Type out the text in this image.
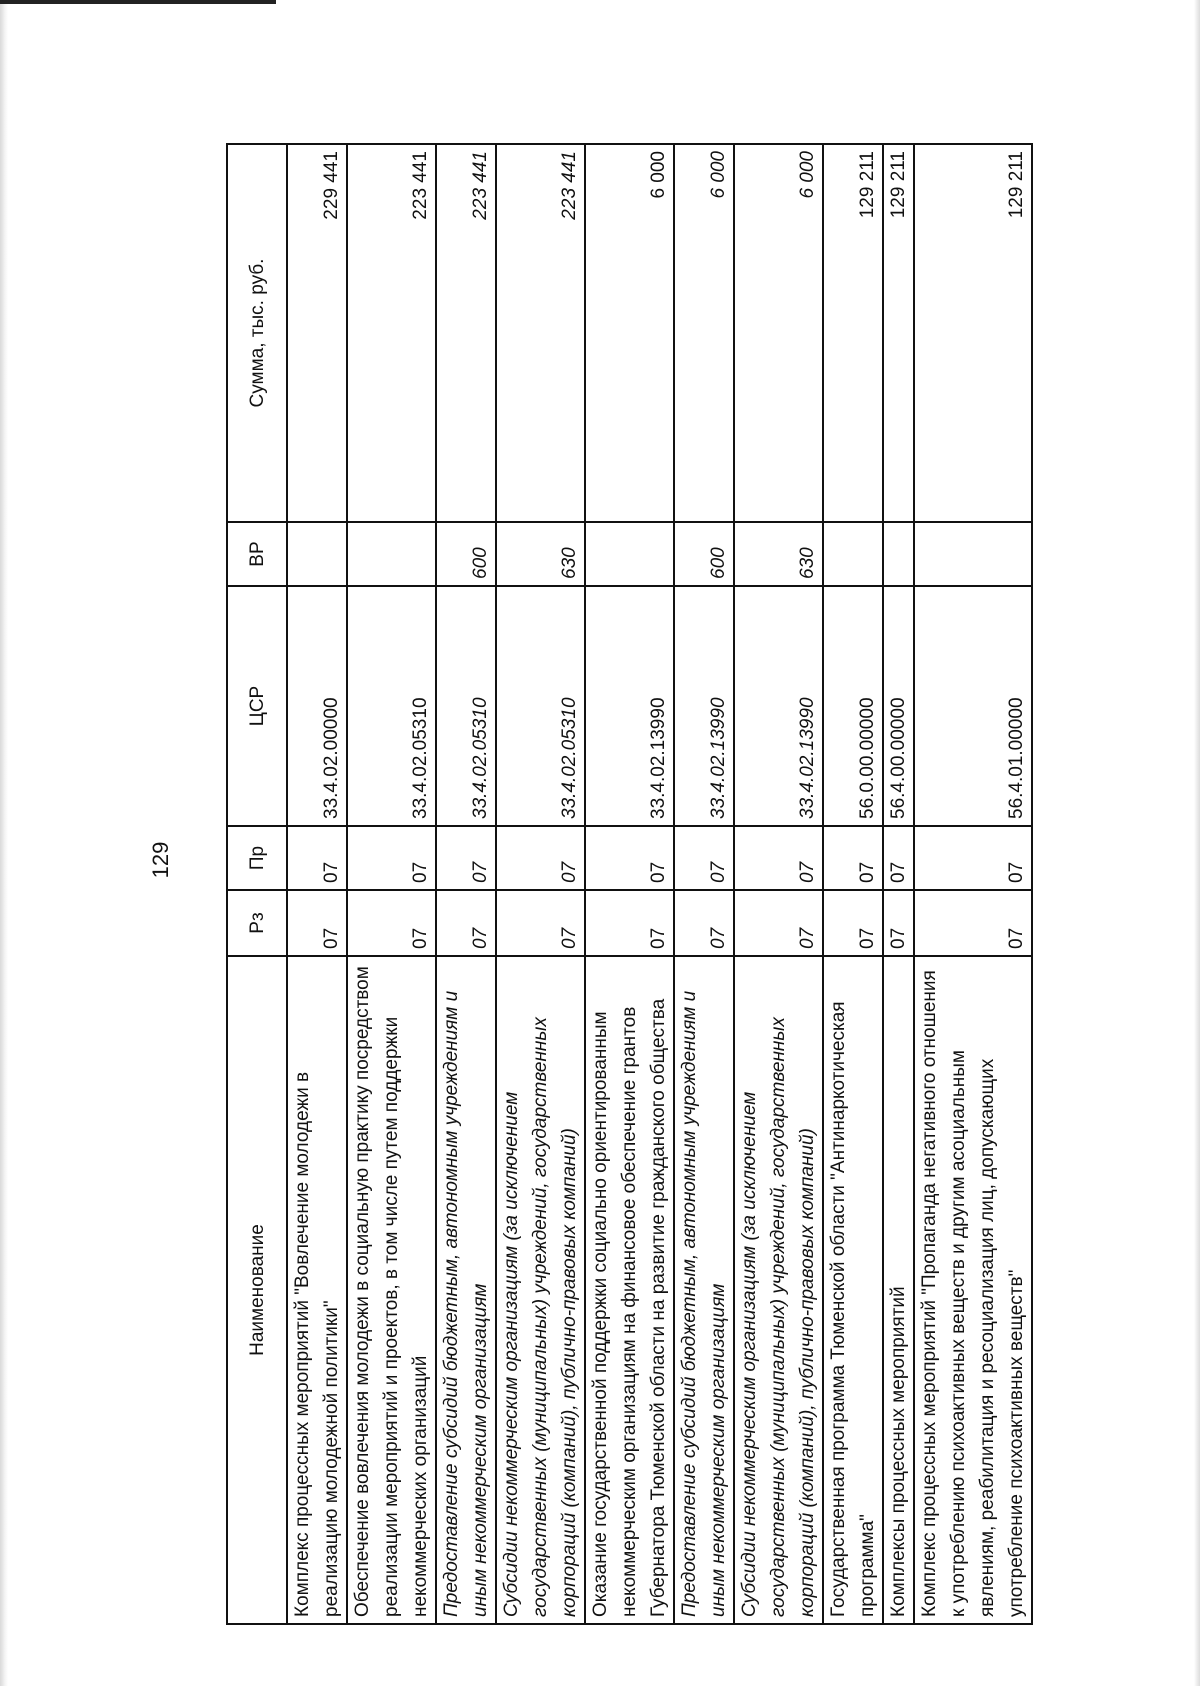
129
Наименование	Рз	Пр	ЦСР	ВР	Сумма, тыс. руб.
Комплекс процессных мероприятий "Вовлечение молодежи в реализацию молодежной политики"	07	07	33.4.02.00000		229 441
Обеспечение вовлечения молодежи в социальную практику посредством реализации мероприятий и проектов, в том числе путем поддержки некоммерческих организаций	07	07	33.4.02.05310		223 441
Предоставление субсидий бюджетным, автономным учреждениям и иным некоммерческим организациям	07	07	33.4.02.05310	600	223 441
Субсидии некоммерческим организациям (за исключением государственных (муниципальных) учреждений, государственных корпораций (компаний), публично-правовых компаний)	07	07	33.4.02.05310	630	223 441
Оказание государственной поддержки социально ориентированным некоммерческим организациям на финансовое обеспечение грантов Губернатора Тюменской области на развитие гражданского общества	07	07	33.4.02.13990		6 000
Предоставление субсидий бюджетным, автономным учреждениям и иным некоммерческим организациям	07	07	33.4.02.13990	600	6 000
Субсидии некоммерческим организациям (за исключением государственных (муниципальных) учреждений, государственных корпораций (компаний), публично-правовых компаний)	07	07	33.4.02.13990	630	6 000
Государственная программа Тюменской области "Антинаркотическая программа"	07	07	56.0.00.00000		129 211
Комплексы процессных мероприятий	07	07	56.4.00.00000		129 211
Комплекс процессных мероприятий "Пропаганда негативного отношения к употреблению психоактивных веществ и другим асоциальным явлениям, реабилитация и ресоциализация лиц, допускающих употребление психоактивных веществ"	07	07	56.4.01.00000		129 211
